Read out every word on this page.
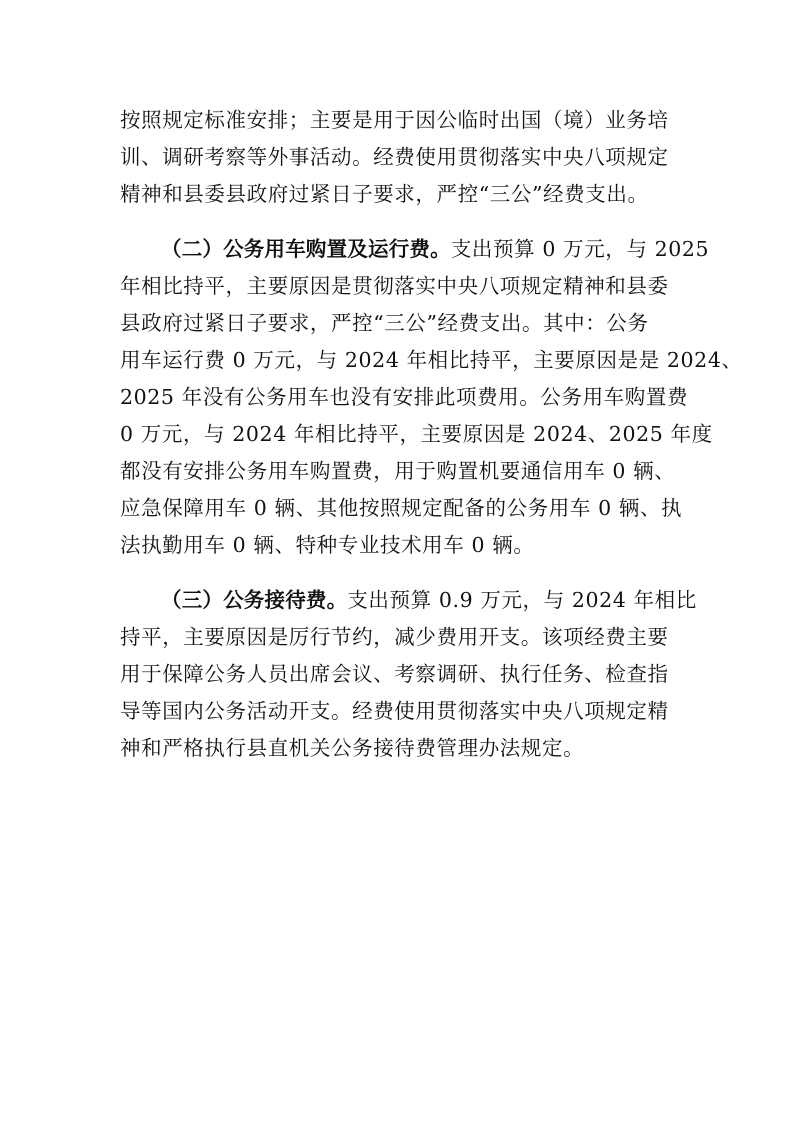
按照规定标准安排；主要是用于因公临时出国（境）业务培
训、调研考察等外事活动。经费使用贯彻落实中央八项规定
精神和县委县政府过紧日子要求，严控“三公”经费支出。

（二）公务用车购置及运行费。支出预算 0 万元，与 2025
年相比持平，主要原因是贯彻落实中央八项规定精神和县委
县政府过紧日子要求，严控“三公”经费支出。其中：公务
用车运行费 0 万元，与 2024 年相比持平，主要原因是是 2024、
2025 年没有公务用车也没有安排此项费用。公务用车购置费
0 万元，与 2024 年相比持平，主要原因是 2024、2025 年度
都没有安排公务用车购置费，用于购置机要通信用车 0 辆、
应急保障用车 0 辆、其他按照规定配备的公务用车 0 辆、执
法执勤用车 0 辆、特种专业技术用车 0 辆。

（三）公务接待费。支出预算 0.9 万元，与 2024 年相比
持平，主要原因是厉行节约，减少费用开支。该项经费主要
用于保障公务人员出席会议、考察调研、执行任务、检查指
导等国内公务活动开支。经费使用贯彻落实中央八项规定精
神和严格执行县直机关公务接待费管理办法规定。
